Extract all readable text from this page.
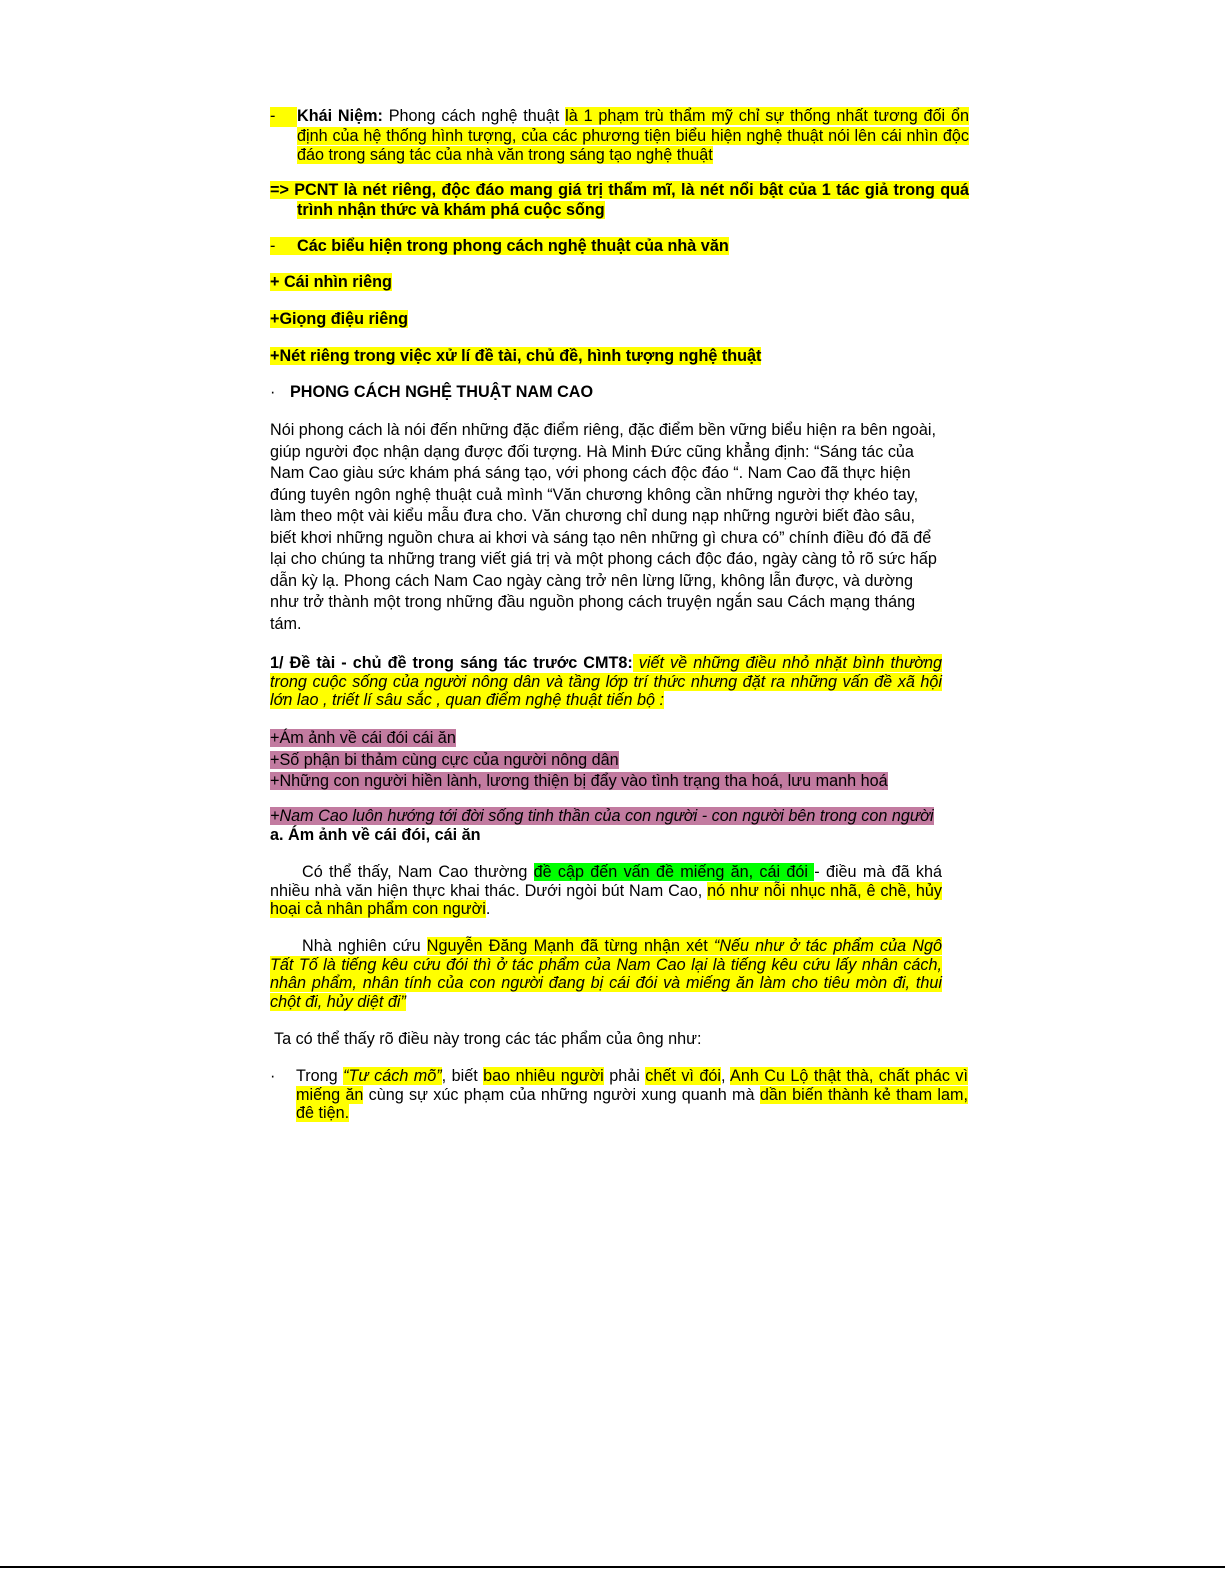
- Khái Niệm: Phong cách nghệ thuật là 1 phạm trù thẩm mỹ chỉ sự thống nhất tương đối ổn định của hệ thống hình tượng, của các phương tiện biểu hiện nghệ thuật nói lên cái nhìn độc đáo trong sáng tác của nhà văn trong sáng tạo nghệ thuật

=> PCNT là nét riêng, độc đáo mang giá trị thẩm mĩ, là nét nổi bật của 1 tác giả trong quá trình nhận thức và khám phá cuộc sống

- Các biểu hiện trong phong cách nghệ thuật của nhà văn

+ Cái nhìn riêng

+Giọng điệu riêng

+Nét riêng trong việc xử lí đề tài, chủ đề, hình tượng nghệ thuật

· PHONG CÁCH NGHỆ THUẬT NAM CAO

Nói phong cách là nói đến những đặc điểm riêng, đặc điểm bền vững biểu hiện ra bên ngoài, giúp người đọc nhận dạng được đối tượng. Hà Minh Đức cũng khẳng định: “Sáng tác của Nam Cao giàu sức khám phá sáng tạo, với phong cách độc đáo “. Nam Cao đã thực hiện đúng tuyên ngôn nghệ thuật cuả mình “Văn chương không cần những người thợ khéo tay, làm theo một vài kiểu mẫu đưa cho. Văn chương chỉ dung nạp những người biết đào sâu, biết khơi những nguồn chưa ai khơi và sáng tạo nên những gì chưa có” chính điều đó đã để lại cho chúng ta những trang viết giá trị và một phong cách độc đáo, ngày càng tỏ rõ sức hấp dẫn kỳ lạ. Phong cách Nam Cao ngày càng trở nên lừng lững, không lẫn được, và dường như trở thành một trong những đầu nguồn phong cách truyện ngắn sau Cách mạng tháng tám.

1/ Đề tài - chủ đề trong sáng tác trước CMT8: viết về những điều nhỏ nhặt bình thường trong cuộc sống của người nông dân và tầng lớp trí thức nhưng đặt ra những vấn đề xã hội lớn lao , triết lí sâu sắc , quan điểm nghệ thuật tiến bộ :

+Ám ảnh về cái đói cái ăn
+Số phận bi thảm cùng cực của người nông dân
+Những con người hiền lành, lương thiện bị đẩy vào tình trạng tha hoá, lưu manh hoá

+Nam Cao luôn hướng tới đời sống tinh thần của con người - con người bên trong con người

a. Ám ảnh về cái đói, cái ăn

Có thể thấy, Nam Cao thường đề cập đến vấn đề miếng ăn, cái đói - điều mà đã khá nhiều nhà văn hiện thực khai thác. Dưới ngòi bút Nam Cao, nó như nỗi nhục nhã, ê chề, hủy hoại cả nhân phẩm con người.

Nhà nghiên cứu Nguyễn Đăng Mạnh đã từng nhận xét “Nếu như ở tác phẩm của Ngô Tất Tố là tiếng kêu cứu đói thì ở tác phẩm của Nam Cao lại là tiếng kêu cứu lấy nhân cách, nhân phẩm, nhân tính của con người đang bị cái đói và miếng ăn làm cho tiêu mòn đi, thui chột đi, hủy diệt đi”

Ta có thể thấy rõ điều này trong các tác phẩm của ông như:

· Trong “Tư cách mõ”, biết bao nhiêu người phải chết vì đói, Anh Cu Lộ thật thà, chất phác vì miếng ăn cùng sự xúc phạm của những người xung quanh mà dần biến thành kẻ tham lam, đê tiện.
